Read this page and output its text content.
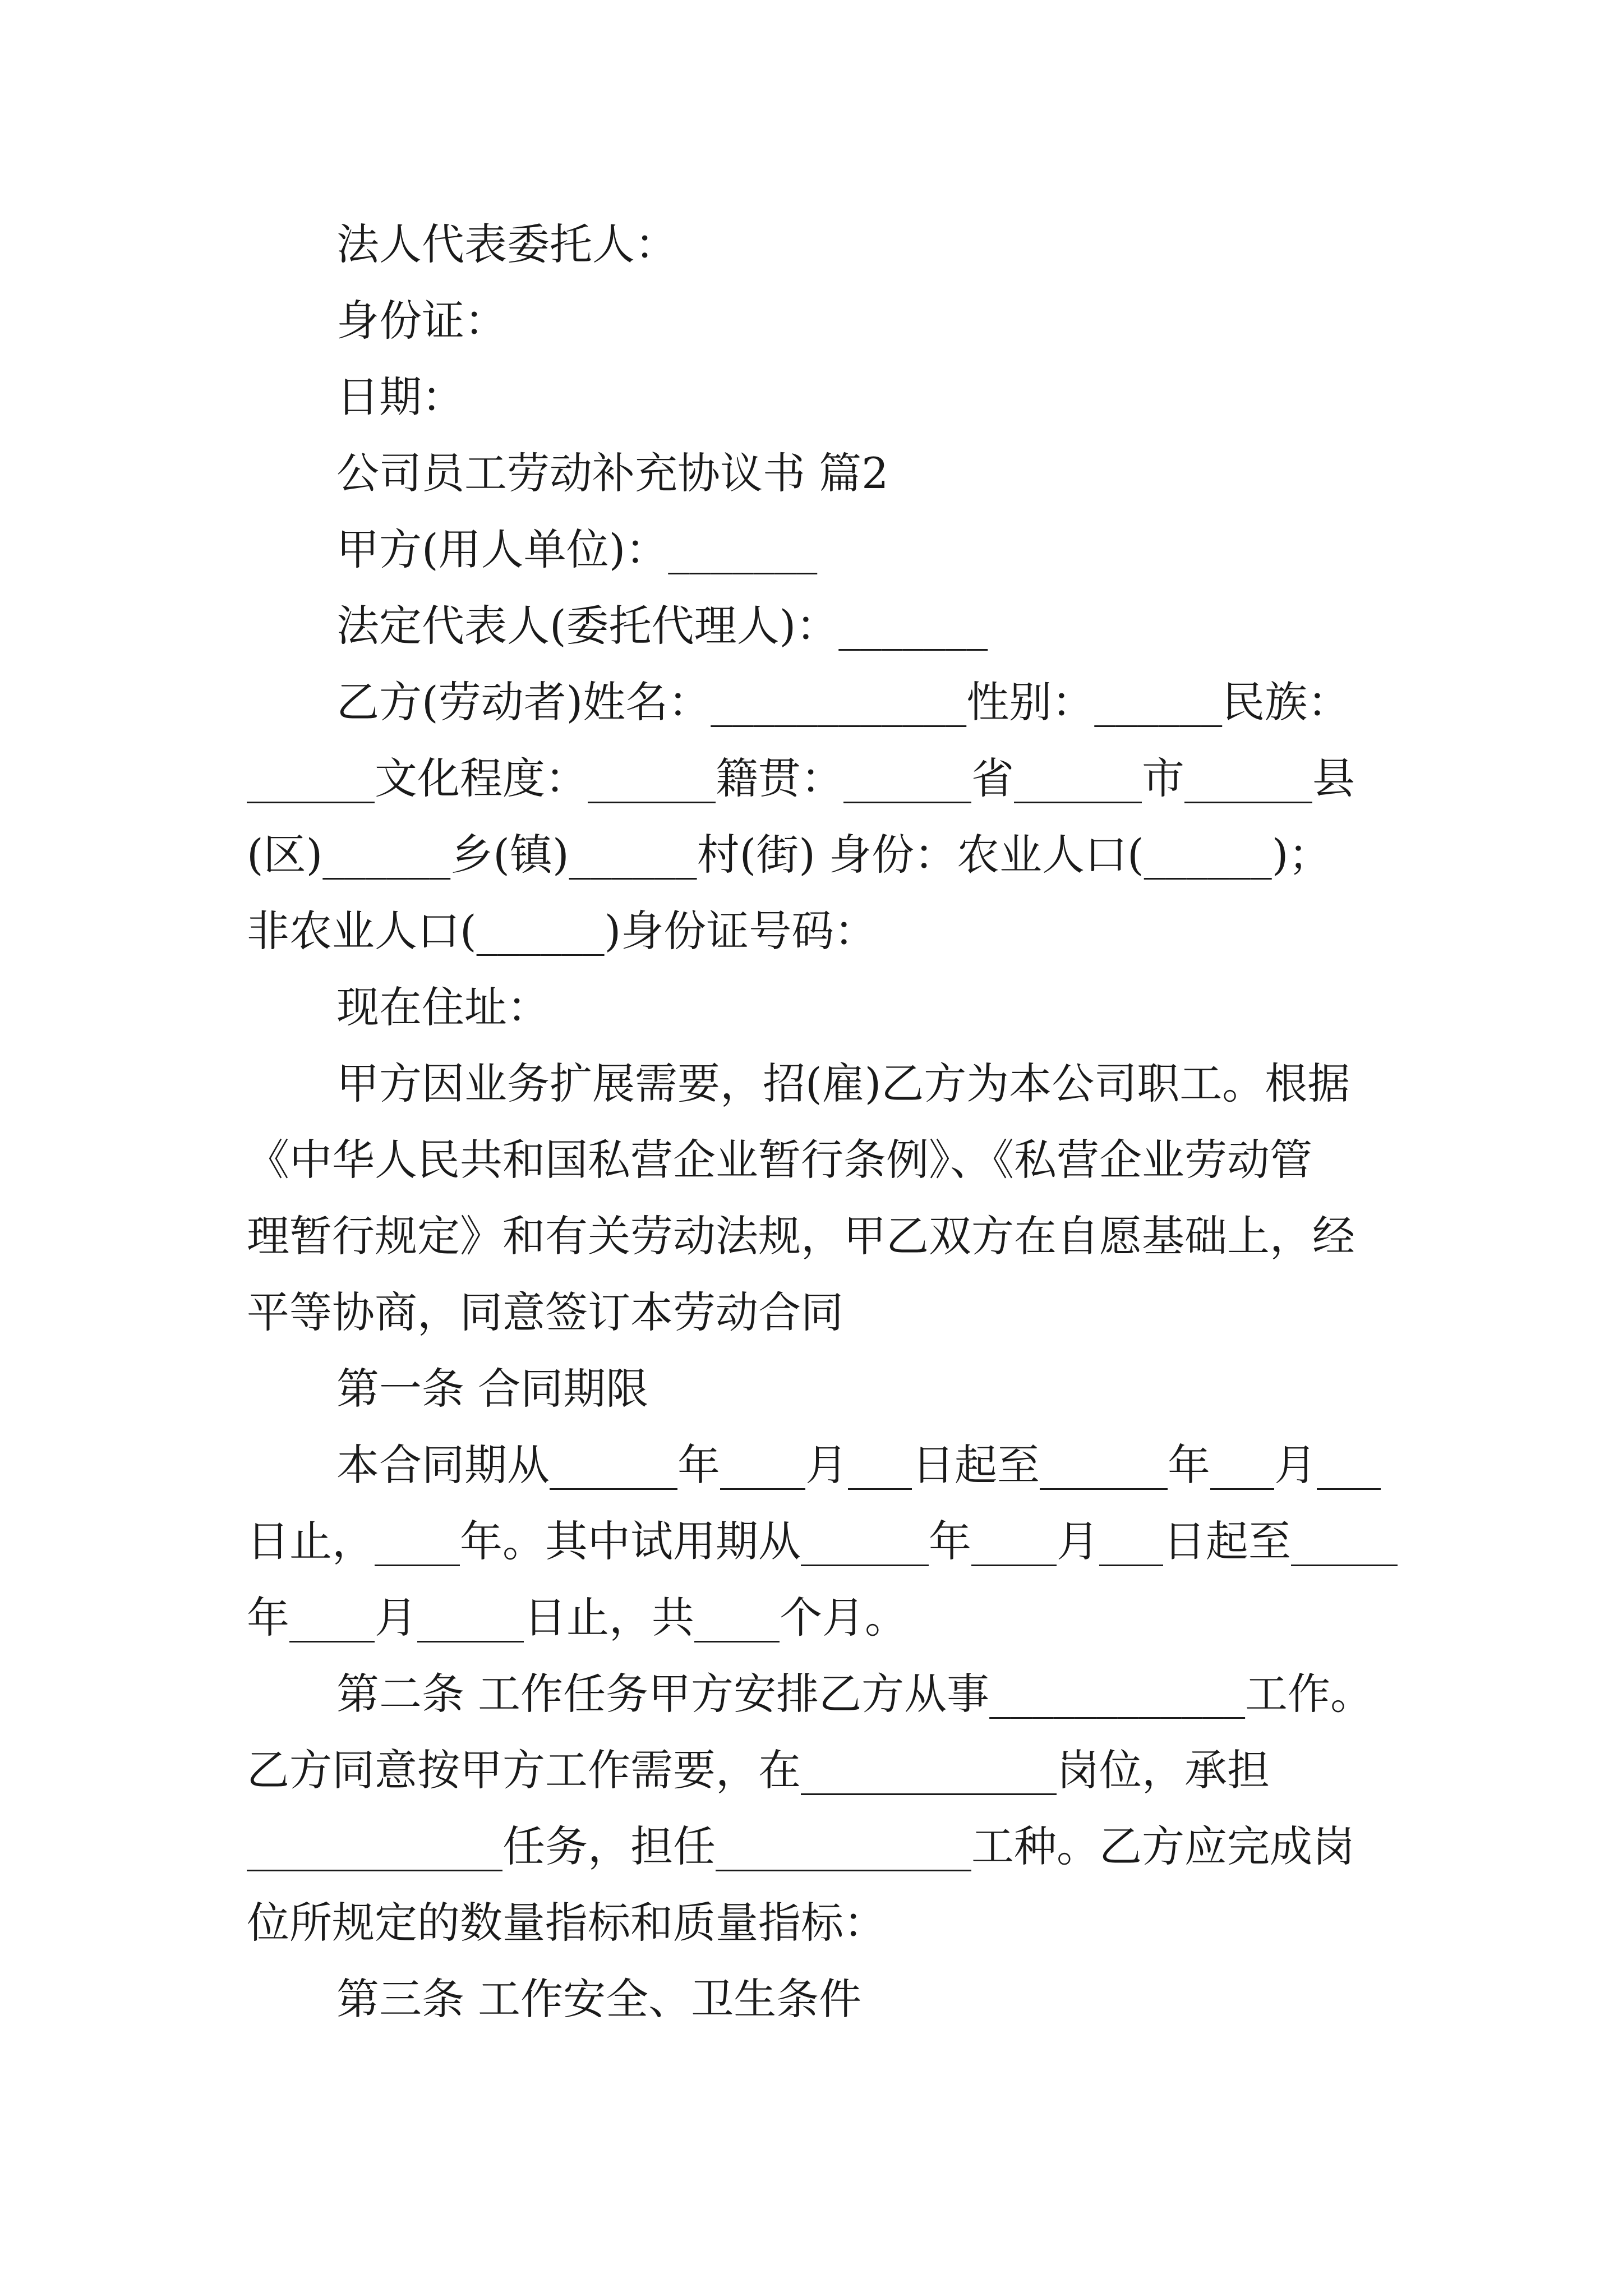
法人代表委托人：
身份证：
日期：
公司员工劳动补充协议书 篇2
甲方(用人单位)：_______
法定代表人(委托代理人)：_______
乙方(劳动者)姓名：____________性别：______民族：
______文化程度：______籍贯：______省______市______县
(区)______乡(镇)______村(街) 身份：农业人口(______)；
非农业人口(______)身份证号码：
现在住址：
甲方因业务扩展需要，招(雇)乙方为本公司职工。根据
《中华人民共和国私营企业暂行条例》、《私营企业劳动管
理暂行规定》和有关劳动法规，甲乙双方在自愿基础上，经
平等协商，同意签订本劳动合同
第一条 合同期限
本合同期从______年____月___日起至______年___月___
日止，____年。其中试用期从______年____月___日起至_____
年____月_____日止，共____个月。
第二条 工作任务甲方安排乙方从事____________工作。
乙方同意按甲方工作需要，在____________岗位，承担
____________任务，担任____________工种。乙方应完成岗
位所规定的数量指标和质量指标：
第三条 工作安全、卫生条件
